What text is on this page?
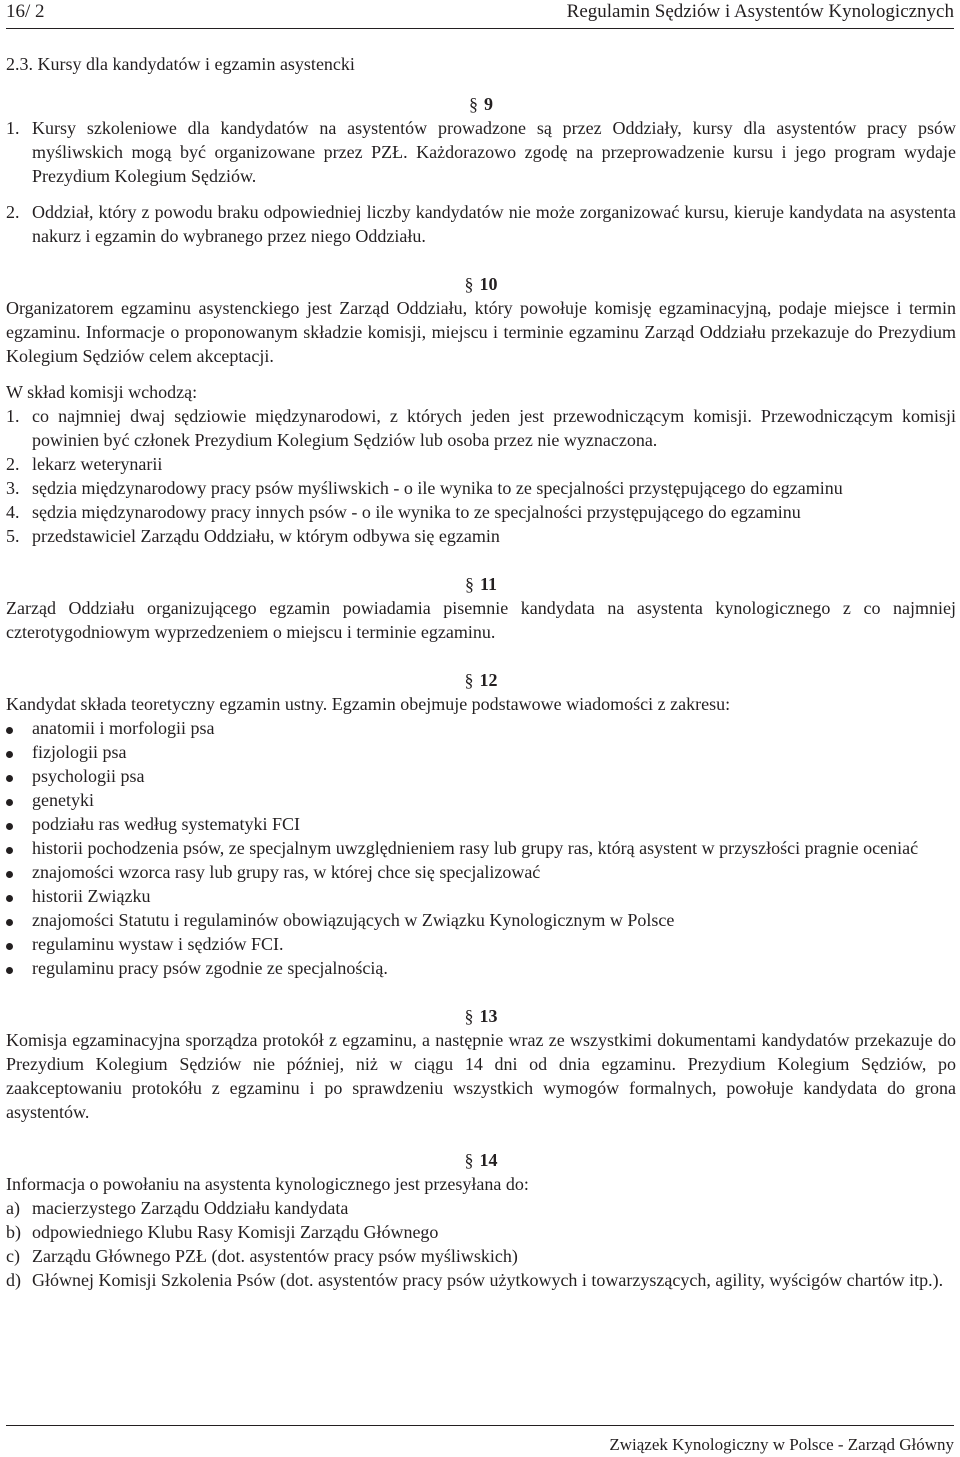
16/ 2	Regulamin Sędziów i Asystentów Kynologicznych
2.3. Kursy dla kandydatów i egzamin asystencki
§ 9
1. Kursy szkoleniowe dla kandydatów na asystentów prowadzone są przez Oddziały, kursy dla asystentów pracy psów myśliwskich mogą być organizowane przez PZŁ. Każdorazowo zgodę na przeprowadzenie kursu i jego program wydaje Prezydium Kolegium Sędziów.
2. Oddział, który z powodu braku odpowiedniej liczby kandydatów nie może zorganizować kursu, kieruje kandydata na asystenta nakurz i egzamin do wybranego przez niego Oddziału.
§ 10

Organizatorem egzaminu asystenckiego jest Zarząd Oddziału, który powołuje komisję egzaminacyjną, podaje miejsce i termin egzaminu. Informacje o proponowanym składzie komisji, miejscu i terminie egzaminu Zarząd Oddziału przekazuje do Prezydium Kolegium Sędziów celem akceptacji.

W skład komisji wchodzą:

1. co najmniej dwaj sędziowie międzynarodowi, z których jeden jest przewodniczącym komisji. Przewodniczącym komisji powinien być członek Prezydium Kolegium Sędziów lub osoba przez nie wyznaczona.
2. lekarz weterynarii
3. sędzia międzynarodowy pracy psów myśliwskich - o ile wynika to ze specjalności przystępującego do egzaminu
4. sędzia międzynarodowy pracy innych psów - o ile wynika to ze specjalności przystępującego do egzaminu
5. przedstawiciel Zarządu Oddziału, w którym odbywa się egzamin
§ 11

Zarząd Oddziału organizującego egzamin powiadamia pisemnie kandydata na asystenta kynologicznego z co najmniej czterotygodniowym wyprzedzeniem o miejscu i terminie egzaminu.

§ 12

Kandydat składa teoretyczny egzamin ustny. Egzamin obejmuje podstawowe wiadomości z zakresu:

anatomii i morfologii psa
fizjologii psa
psychologii psa
genetyki
podziału ras według systematyki FCI
historii pochodzenia psów, ze specjalnym uwzględnieniem rasy lub grupy ras, którą asystent w przyszłości pragnie oceniać
znajomości wzorca rasy lub grupy ras, w której chce się specjalizować
historii Związku
znajomości Statutu i regulaminów obowiązujących w Związku Kynologicznym w Polsce
regulaminu wystaw i sędziów FCI.
regulaminu pracy psów zgodnie ze specjalnością.
§ 13

Komisja egzaminacyjna sporządza protokół z egzaminu, a następnie wraz ze wszystkimi dokumentami kandydatów przekazuje do Prezydium Kolegium Sędziów nie później, niż w ciągu 14 dni od dnia egzaminu. Prezydium Kolegium Sędziów, po zaakceptowaniu protokółu z egzaminu i po sprawdzeniu wszystkich wymogów formalnych, powołuje kandydata do grona asystentów.

§ 14

Informacja o powołaniu na asystenta kynologicznego jest przesyłana do:

a) macierzystego Zarządu Oddziału kandydata
b) odpowiedniego Klubu Rasy Komisji Zarządu Głównego
c) Zarządu Głównego PZŁ (dot. asystentów pracy psów myśliwskich)
d) Głównej Komisji Szkolenia Psów (dot. asystentów pracy psów użytkowych i towarzyszących, agility, wyścigów chartów itp.).
Związek Kynologiczny w Polsce - Zarząd Główny
